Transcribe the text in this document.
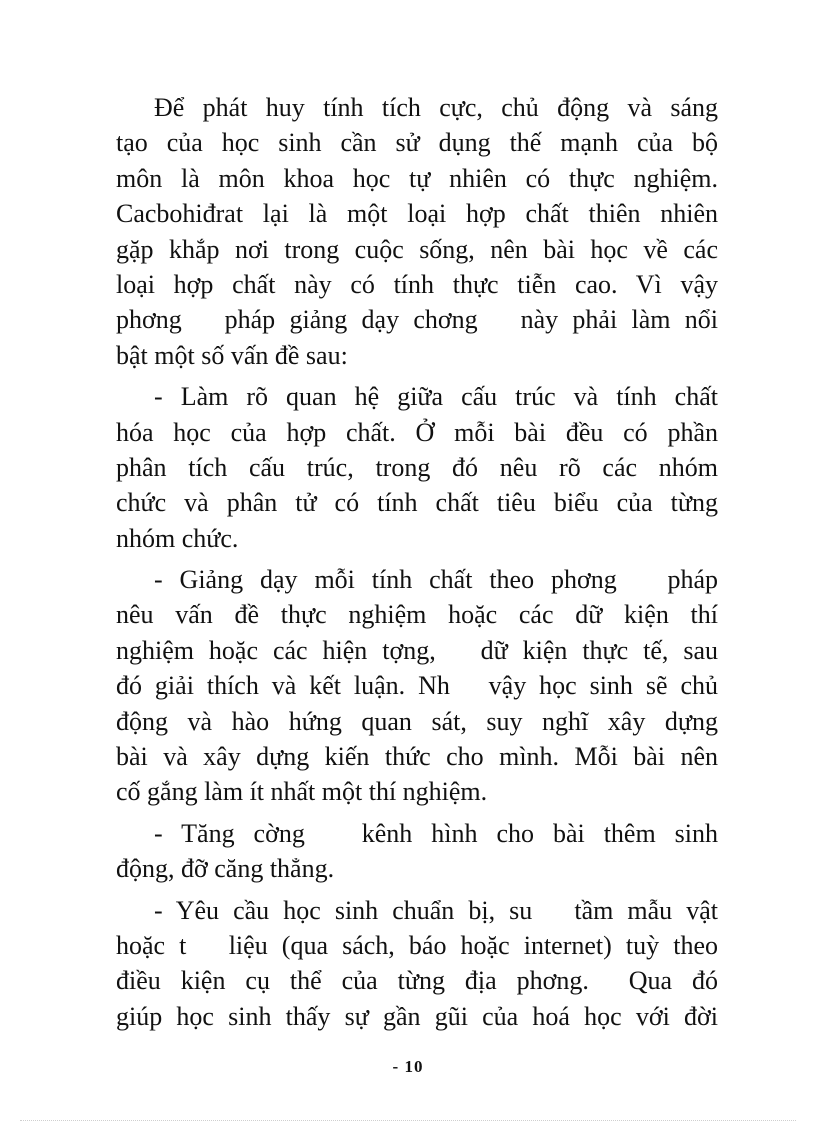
Để phát huy tính tích cực, chủ động và sáng
tạo của học sinh cần sử dụng thế mạnh của bộ
môn là môn khoa học tự nhiên có thực nghiệm.
Cacbohiđrat lại là một loại hợp chất thiên nhiên
gặp khắp nơi trong cuộc sống, nên bài học về các
loại hợp chất này có tính thực tiễn cao. Vì vậy
phơng   pháp giảng dạy chơng   này phải làm nổi
bật một số vấn đề sau:
- Làm rõ quan hệ giữa cấu trúc và tính chất
hóa học của hợp chất. Ở mỗi bài đều có phần
phân tích cấu trúc, trong đó nêu rõ các nhóm
chức và phân tử có tính chất tiêu biểu của từng
nhóm chức.
- Giảng dạy mỗi tính chất theo phơng   pháp
nêu vấn đề thực nghiệm hoặc các dữ kiện thí
nghiệm hoặc các hiện tợng,   dữ kiện thực tế, sau
đó giải thích và kết luận. Nh   vậy học sinh sẽ chủ
động và hào hứng quan sát, suy nghĩ xây dựng
bài và xây dựng kiến thức cho mình. Mỗi bài nên
cố gắng làm ít nhất một thí nghiệm.
- Tăng cờng   kênh hình cho bài thêm sinh
động, đỡ căng thẳng.
- Yêu cầu học sinh chuẩn bị, su   tầm mẫu vật
hoặc t   liệu (qua sách, báo hoặc internet) tuỳ theo
điều kiện cụ thể của từng địa phơng.  Qua đó
giúp học sinh thấy sự gần gũi của hoá học với đời
- 10
